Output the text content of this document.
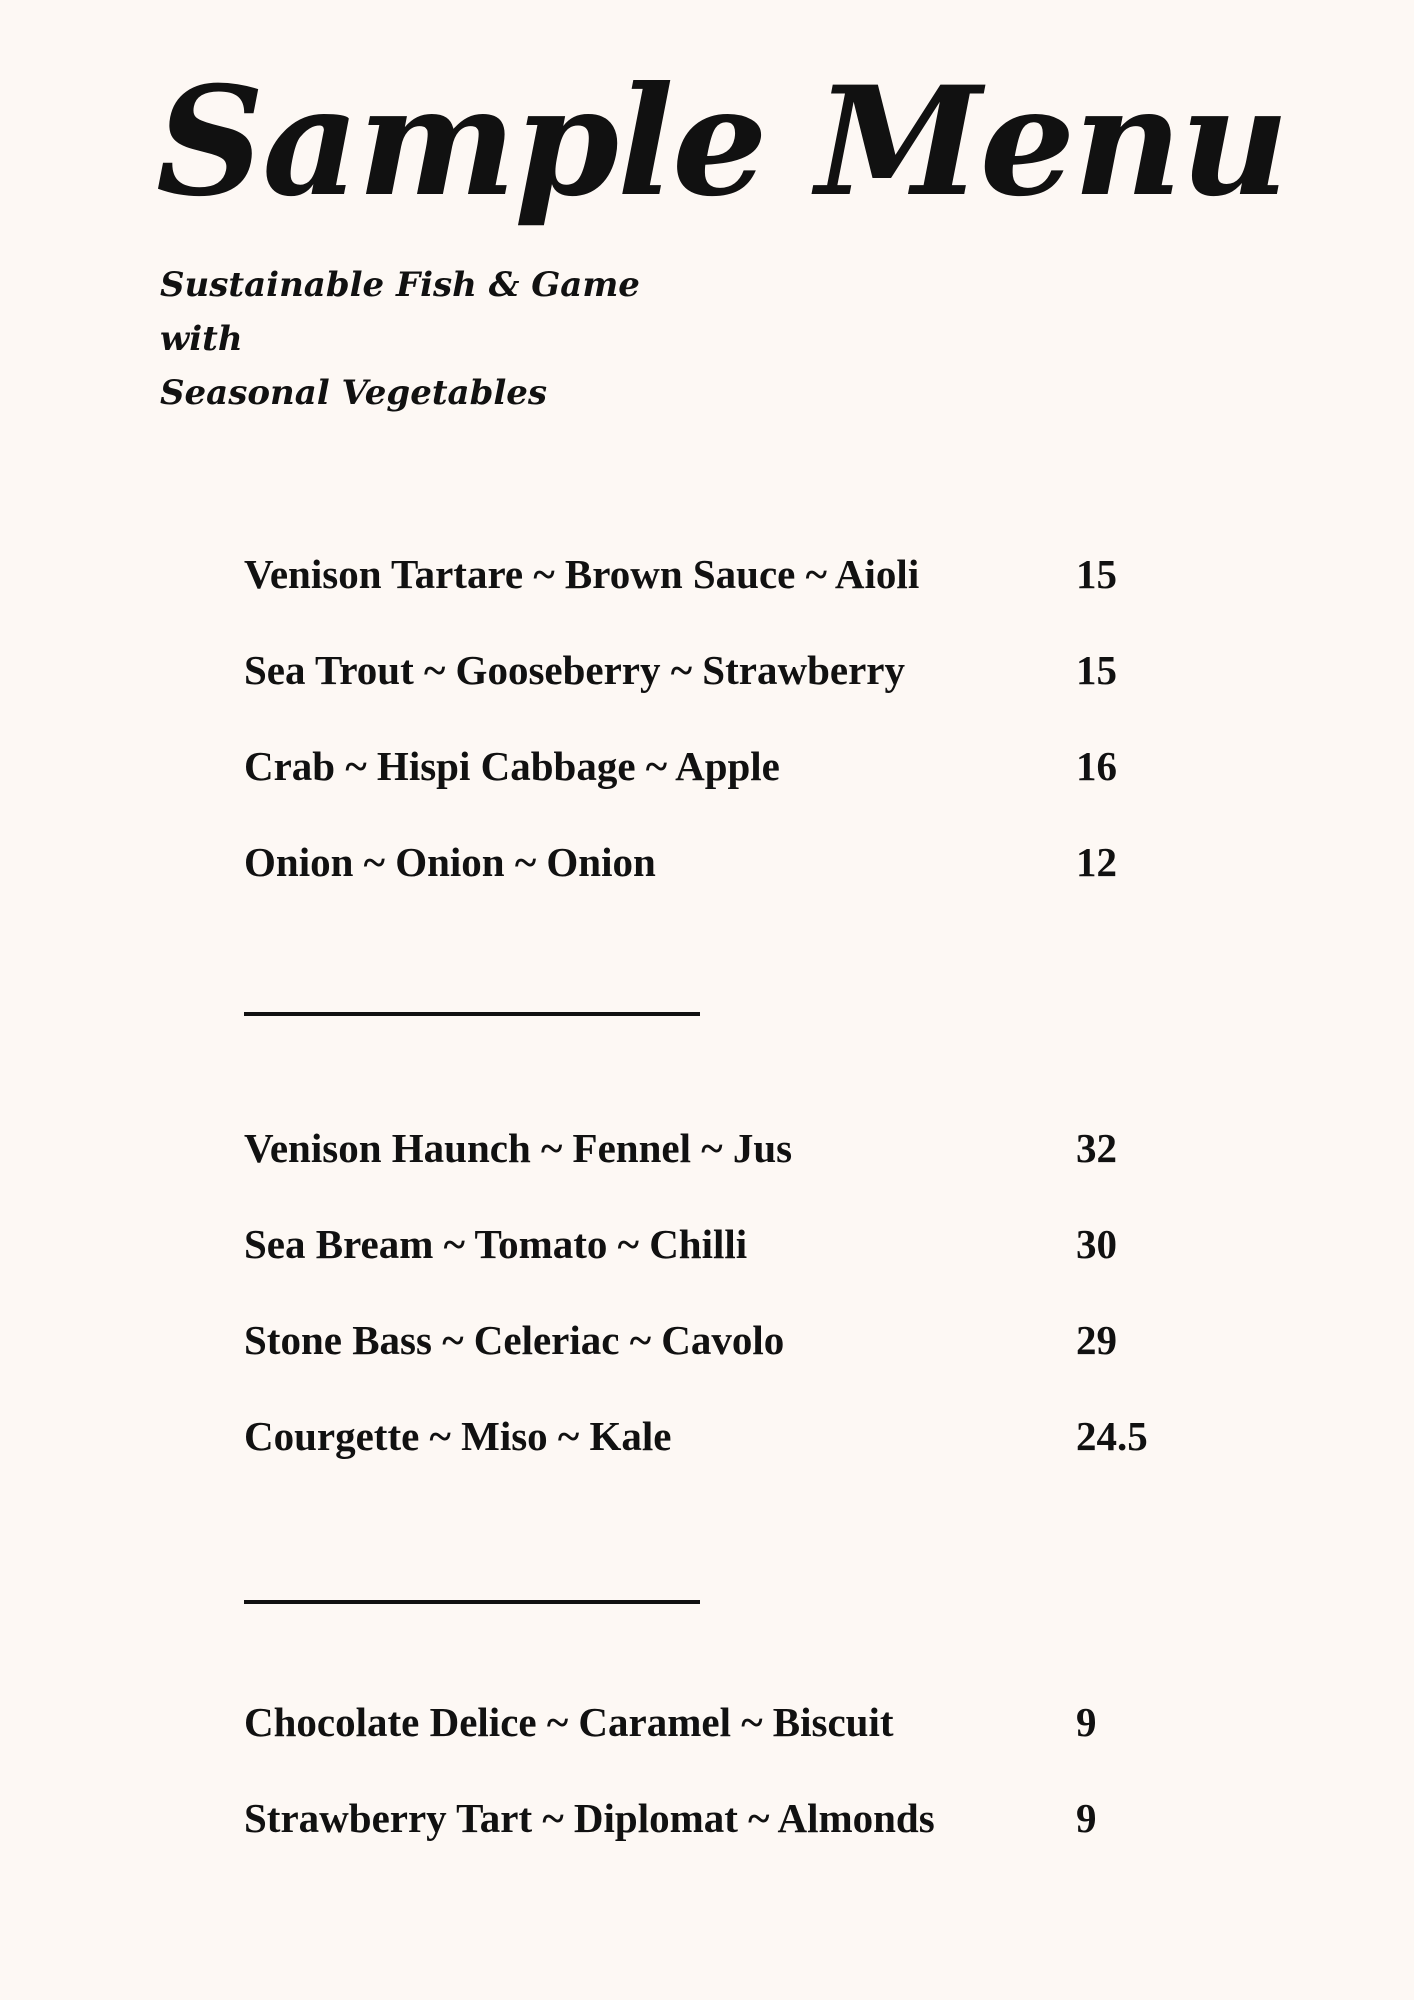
Sample Menu

Sustainable Fish & Game with
Seasonal Vegetables

Venison Tartare ~ Brown Sauce ~ Aioli	15
Sea Trout ~ Gooseberry ~ Strawberry	15
Crab ~ Hispi Cabbage ~ Apple	16
Onion ~ Onion ~ Onion	12
Venison Haunch ~ Fennel ~ Jus	32
Sea Bream ~ Tomato ~ Chilli	30
Stone Bass ~ Celeriac ~ Cavolo	29
Courgette ~ Miso ~ Kale	24.5
Chocolate Delice ~ Caramel ~ Biscuit	9
Strawberry Tart ~ Diplomat ~ Almonds	9
